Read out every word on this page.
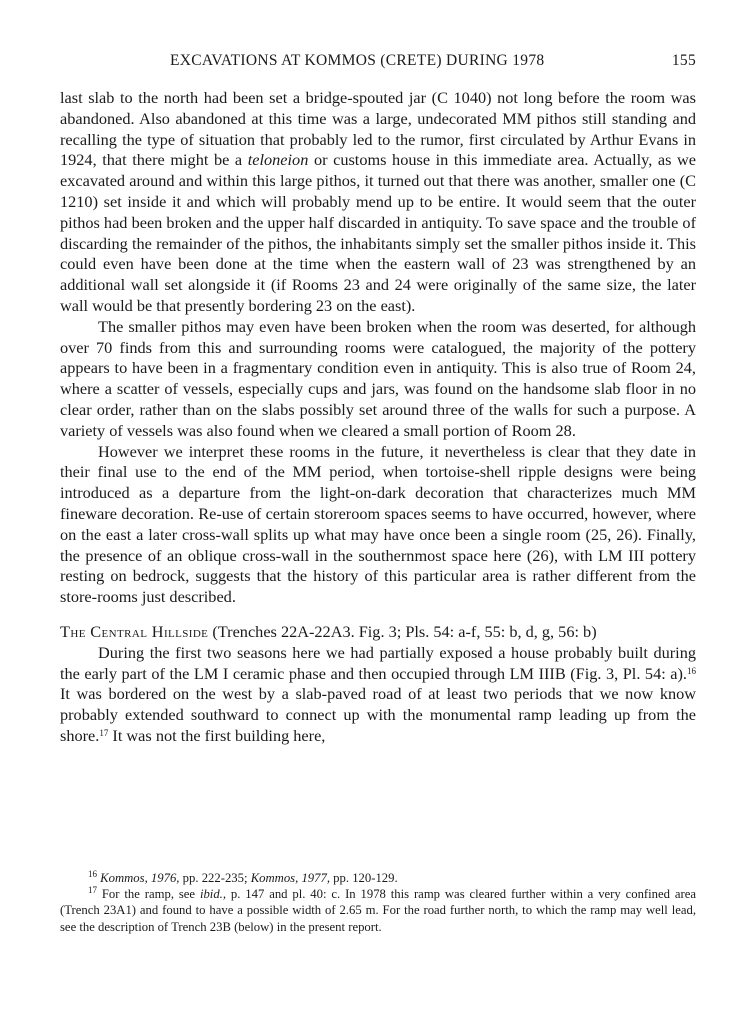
EXCAVATIONS AT KOMMOS (CRETE) DURING 1978	155

last slab to the north had been set a bridge-spouted jar (C 1040) not long before the room was abandoned. Also abandoned at this time was a large, undecorated MM pithos still standing and recalling the type of situation that probably led to the rumor, first circulated by Arthur Evans in 1924, that there might be a teloneion or customs house in this immediate area. Actually, as we excavated around and within this large pithos, it turned out that there was another, smaller one (C 1210) set inside it and which will probably mend up to be entire. It would seem that the outer pithos had been broken and the upper half discarded in antiquity. To save space and the trouble of discarding the remainder of the pithos, the inhabitants simply set the smaller pithos inside it. This could even have been done at the time when the eastern wall of 23 was strengthened by an additional wall set alongside it (if Rooms 23 and 24 were originally of the same size, the later wall would be that presently bordering 23 on the east).

The smaller pithos may even have been broken when the room was deserted, for although over 70 finds from this and surrounding rooms were catalogued, the majority of the pottery appears to have been in a fragmentary condition even in antiquity. This is also true of Room 24, where a scatter of vessels, especially cups and jars, was found on the handsome slab floor in no clear order, rather than on the slabs possibly set around three of the walls for such a purpose. A variety of vessels was also found when we cleared a small portion of Room 28.

However we interpret these rooms in the future, it nevertheless is clear that they date in their final use to the end of the MM period, when tortoise-shell ripple designs were being introduced as a departure from the light-on-dark decoration that characterizes much MM fineware decoration. Re-use of certain storeroom spaces seems to have occurred, however, where on the east a later cross-wall splits up what may have once been a single room (25, 26). Finally, the presence of an oblique cross-wall in the southernmost space here (26), with LM III pottery resting on bedrock, suggests that the history of this particular area is rather different from the store-rooms just described.

The Central Hillside (Trenches 22A-22A3. Fig. 3; Pls. 54: a-f, 55: b, d, g, 56: b)

During the first two seasons here we had partially exposed a house probably built during the early part of the LM I ceramic phase and then occupied through LM IIIB (Fig. 3, Pl. 54: a).$^{16}$ It was bordered on the west by a slab-paved road of at least two periods that we now know probably extended southward to connect up with the monumental ramp leading up from the shore.$^{17}$ It was not the first building here,

$^{16}$ Kommos, 1976, pp. 222-235; Kommos, 1977, pp. 120-129.

$^{17}$ For the ramp, see ibid., p. 147 and pl. 40: c. In 1978 this ramp was cleared further within a very confined area (Trench 23A1) and found to have a possible width of 2.65 m. For the road further north, to which the ramp may well lead, see the description of Trench 23B (below) in the present report.
